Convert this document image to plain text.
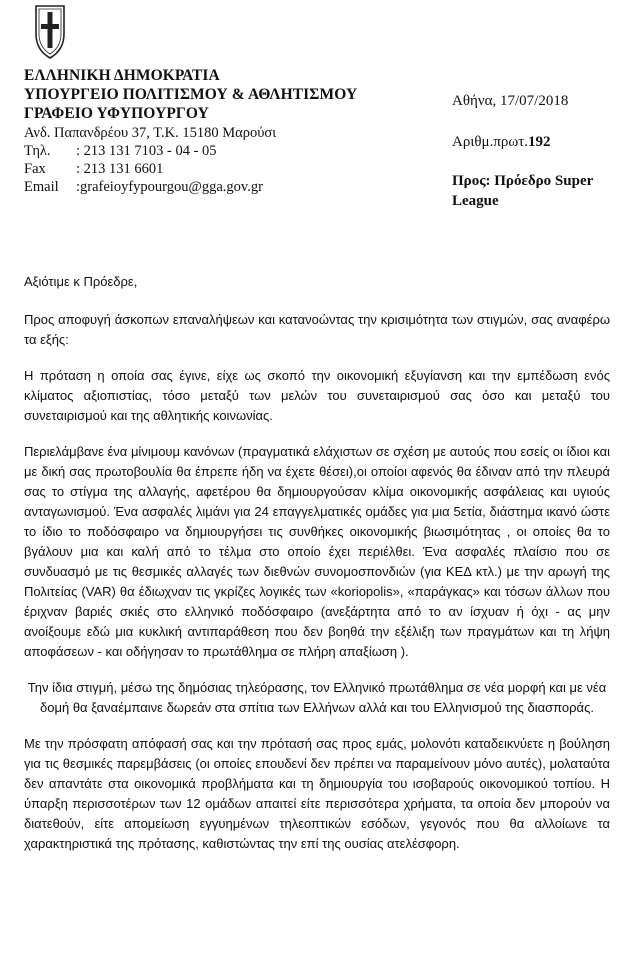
ΕΛΛΗΝΙΚΗ ΔΗΜΟΚΡΑΤΙΑ
ΥΠΟΥΡΓΕΙΟ ΠΟΛΙΤΙΣΜΟΥ & ΑΘΛΗΤΙΣΜΟΥ
ΓΡΑΦΕΙΟ ΥΦΥΠΟΥΡΓΟΥ
Ανδ. Παπανδρέου 37, Τ.Κ. 15180 Μαρούσι
Τηλ.	: 213 131 7103 - 04 - 05
Fax	: 213 131 6601
Email	:grafeioyfypourgou@gga.gov.gr
Αθήνα, 17/07/2018
Αριθμ.πρωτ.192
Προς: Πρόεδρο Super League

Αξιότιμε κ Πρόεδρε,

Προς αποφυγή άσκοπων επαναλήψεων και κατανοώντας την κρισιμότητα των στιγμών, σας αναφέρω τα εξής:

Η πρόταση η οποία σας έγινε, είχε ως σκοπό την οικονομική εξυγίανση και την εμπέδωση ενός κλίματος αξιοπιστίας, τόσο μεταξύ των μελών του συνεταιρισμού σας όσο και μεταξύ του συνεταιρισμού και της αθλητικής κοινωνίας.

Περιελάμβανε ένα μίνιμουμ κανόνων (πραγματικά ελάχιστων σε σχέση με αυτούς που εσείς οι ίδιοι και με δική σας πρωτοβουλία θα έπρεπε ήδη να έχετε θέσει),οι οποίοι αφενός θα έδιναν από την πλευρά σας το στίγμα της αλλαγής, αφετέρου θα δημιουργούσαν κλίμα οικονομικής ασφάλειας και υγιούς ανταγωνισμού. Ένα ασφαλές λιμάνι για 24 επαγγελματικές ομάδες για μια 5ετία, διάστημα ικανό ώστε το ίδιο το ποδόσφαιρο να δημιουργήσει τις συνθήκες οικονομικής βιωσιμότητας , οι οποίες θα το βγάλουν μια και καλή από το τέλμα στο οποίο έχει περιέλθει. Ένα ασφαλές πλαίσιο που σε συνδυασμό με τις θεσμικές αλλαγές των διεθνών συνομοσπονδιών (για ΚΕΔ κτλ.) με την αρωγή της Πολιτείας (VAR) θα έδιωχναν τις γκρίζες λογικές των «koriopolis», «παράγκας» και τόσων άλλων που έριχναν βαριές σκιές στο ελληνικό ποδόσφαιρο (ανεξάρτητα από το αν ίσχυαν ή όχι - ας μην ανοίξουμε εδώ μια κυκλική αντιπαράθεση που δεν βοηθά την εξέλιξη των πραγμάτων και τη λήψη αποφάσεων - και οδήγησαν το πρωτάθλημα σε πλήρη απαξίωση ).

Την ίδια στιγμή, μέσω της δημόσιας τηλεόρασης, τον Ελληνικό πρωτάθλημα σε νέα μορφή και με νέα δομή θα ξαναέμπαινε δωρεάν στα σπίτια των Ελλήνων αλλά και του Ελληνισμού της διασποράς.

Με την πρόσφατη απόφασή σας και την πρότασή σας προς εμάς, μολονότι καταδεικνύετε η βούληση για τις θεσμικές παρεμβάσεις (οι οποίες επουδενί δεν πρέπει να παραμείνουν μόνο αυτές), μολαταύτα δεν απαντάτε στα οικονομικά προβλήματα και τη δημιουργία του ισοβαρούς οικονομικού τοπίου. Η ύπαρξη περισσοτέρων των 12 ομάδων απαιτεί είτε περισσότερα χρήματα, τα οποία δεν μπορούν να διατεθούν, είτε απομείωση εγγυημένων τηλεοπτικών εσόδων, γεγονός που θα αλλοίωνε τα χαρακτηριστικά της πρότασης, καθιστώντας την επί της ουσίας ατελέσφορη.
